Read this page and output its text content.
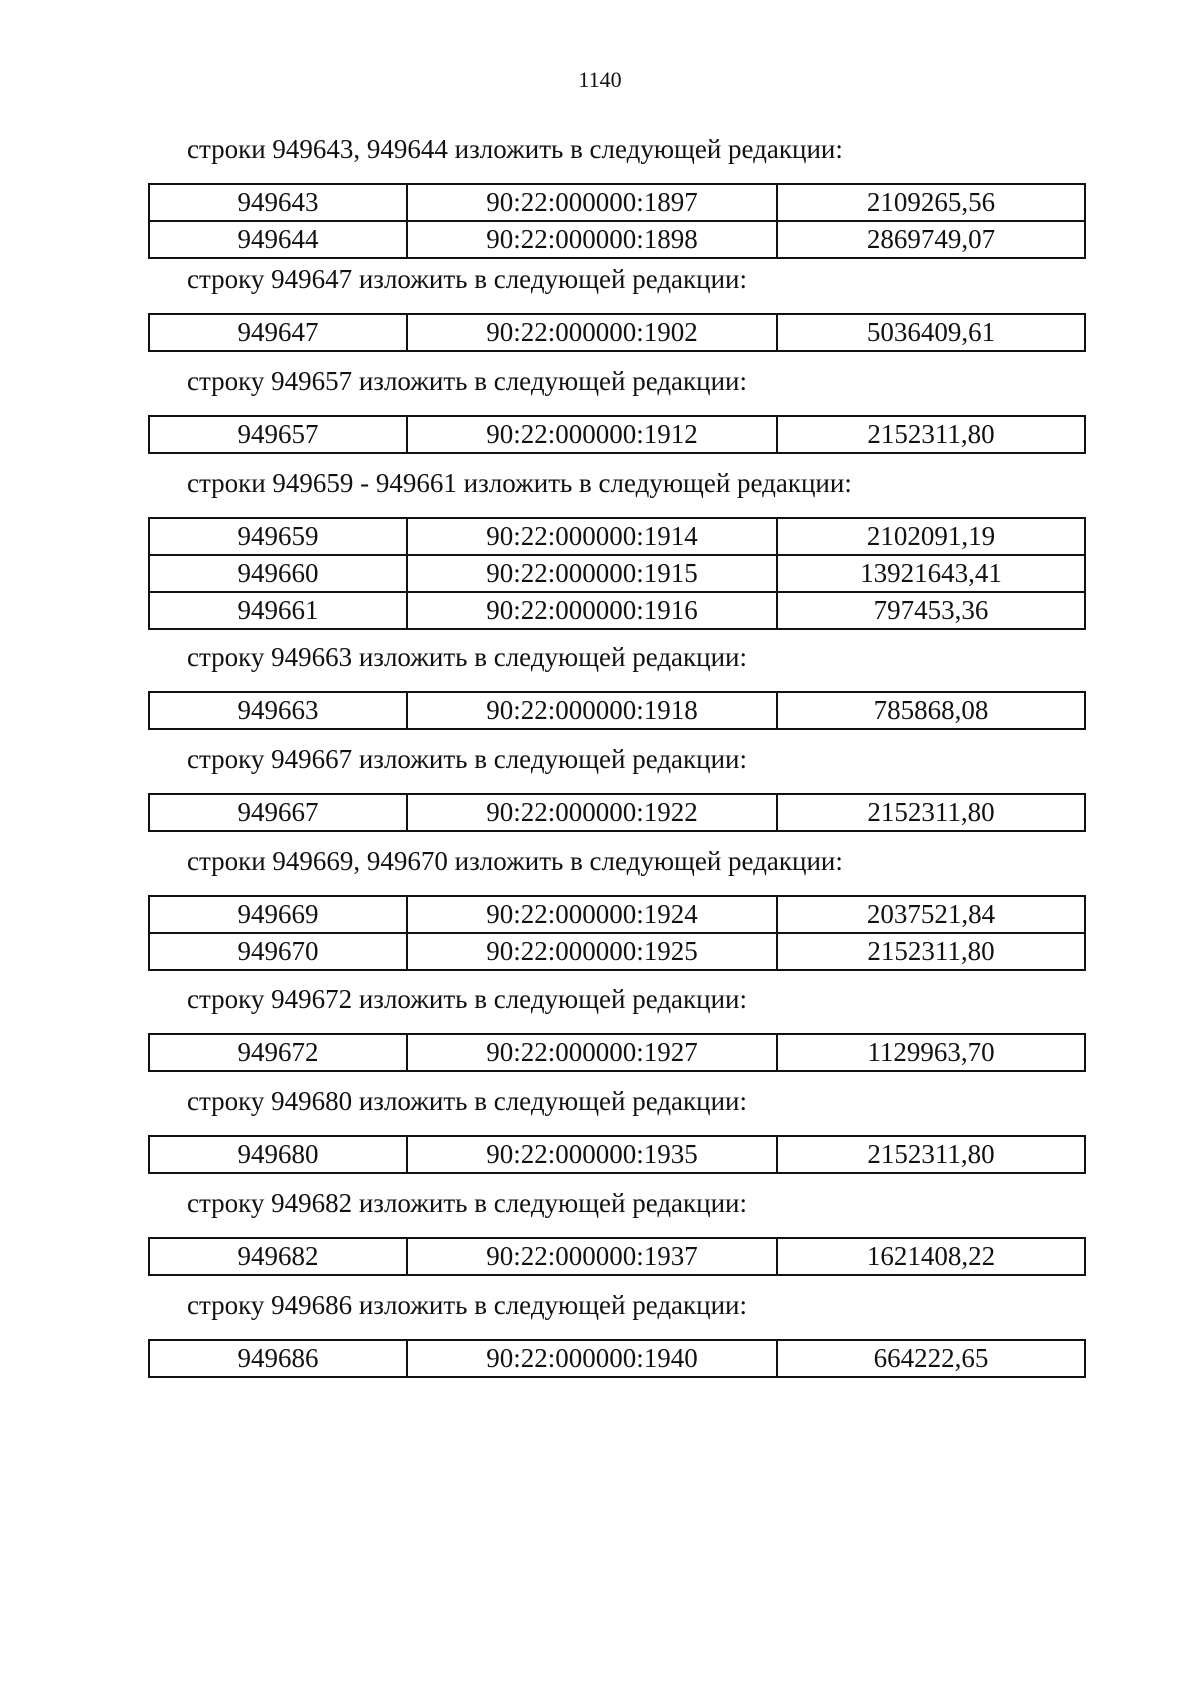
1140
строки 949643, 949644 изложить в следующей редакции:
949643	90:22:000000:1897	2109265,56
949644	90:22:000000:1898	2869749,07
строку 949647 изложить в следующей редакции:
949647	90:22:000000:1902	5036409,61
строку 949657 изложить в следующей редакции:
949657	90:22:000000:1912	2152311,80
строки 949659 - 949661 изложить в следующей редакции:
949659	90:22:000000:1914	2102091,19
949660	90:22:000000:1915	13921643,41
949661	90:22:000000:1916	797453,36
строку 949663 изложить в следующей редакции:
949663	90:22:000000:1918	785868,08
строку 949667 изложить в следующей редакции:
949667	90:22:000000:1922	2152311,80
строки 949669, 949670 изложить в следующей редакции:
949669	90:22:000000:1924	2037521,84
949670	90:22:000000:1925	2152311,80
строку 949672 изложить в следующей редакции:
949672	90:22:000000:1927	1129963,70
строку 949680 изложить в следующей редакции:
949680	90:22:000000:1935	2152311,80
строку 949682 изложить в следующей редакции:
949682	90:22:000000:1937	1621408,22
строку 949686 изложить в следующей редакции:
949686	90:22:000000:1940	664222,65
